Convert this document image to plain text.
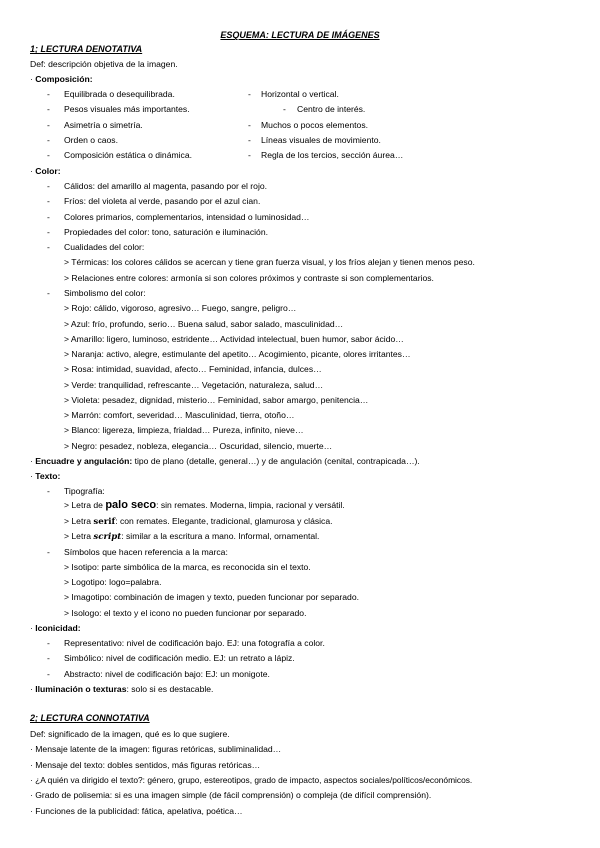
ESQUEMA: LECTURA DE IMÁGENES
1; LECTURA DENOTATIVA
Def: descripción objetiva de la imagen.
· Composición:
- Equilibrada o desequilibrada.
- Pesos visuales más importantes.
- Asimetría o simetría.
- Orden o caos.
- Composición estática o dinámica.
- Horizontal o vertical.
- Centro de interés.
- Muchos o pocos elementos.
- Líneas visuales de movimiento.
- Regla de los tercios, sección áurea…
· Color:
- Cálidos: del amarillo al magenta, pasando por el rojo.
- Fríos: del violeta al verde, pasando por el azul cian.
- Colores primarios, complementarios, intensidad o luminosidad…
- Propiedades del color: tono, saturación e iluminación.
- Cualidades del color:
> Térmicas: los colores cálidos se acercan y tiene gran fuerza visual, y los fríos alejan y tienen menos peso.
> Relaciones entre colores: armonía si son colores próximos y contraste si son complementarios.
- Simbolismo del color:
> Rojo: cálido, vigoroso, agresivo… Fuego, sangre, peligro…
> Azul: frío, profundo, serio… Buena salud, sabor salado, masculinidad…
> Amarillo: ligero, luminoso, estridente… Actividad intelectual, buen humor, sabor ácido…
> Naranja: activo, alegre, estimulante del apetito… Acogimiento, picante, olores irritantes…
> Rosa: intimidad, suavidad, afecto… Feminidad, infancia, dulces…
> Verde: tranquilidad, refrescante… Vegetación, naturaleza, salud…
> Violeta: pesadez, dignidad, misterio… Feminidad, sabor amargo, penitencia…
> Marrón: comfort, severidad… Masculinidad, tierra, otoño…
> Blanco: ligereza, limpieza, frialdad… Pureza, infinito, nieve…
> Negro: pesadez, nobleza, elegancia… Oscuridad, silencio, muerte…
· Encuadre y angulación: tipo de plano (detalle, general…) y de angulación (cenital, contrapicada…).
· Texto:
- Tipografía:
> Letra de palo seco: sin remates. Moderna, limpia, racional y versátil.
> Letra serif: con remates. Elegante, tradicional, glamurosa y clásica.
> Letra script: similar a la escritura a mano. Informal, ornamental.
- Símbolos que hacen referencia a la marca:
> Isotipo: parte simbólica de la marca, es reconocida sin el texto.
> Logotipo: logo=palabra.
> Imagotipo: combinación de imagen y texto, pueden funcionar por separado.
> Isologo: el texto y el icono no pueden funcionar por separado.
· Iconicidad:
- Representativo: nivel de codificación bajo. EJ: una fotografía a color.
- Simbólico: nivel de codificación medio. EJ: un retrato a lápiz.
- Abstracto: nivel de codificación bajo: EJ: un monigote.
· Iluminación o texturas: solo si es destacable.
2; LECTURA CONNOTATIVA
Def: significado de la imagen, qué es lo que sugiere.
· Mensaje latente de la imagen: figuras retóricas, subliminalidad…
· Mensaje del texto: dobles sentidos, más figuras retóricas…
· ¿A quién va dirigido el texto?: género, grupo, estereotipos, grado de impacto, aspectos sociales/políticos/económicos.
· Grado de polisemia: si es una imagen simple (de fácil comprensión) o compleja (de difícil comprensión).
· Funciones de la publicidad: fática, apelativa, poética…
